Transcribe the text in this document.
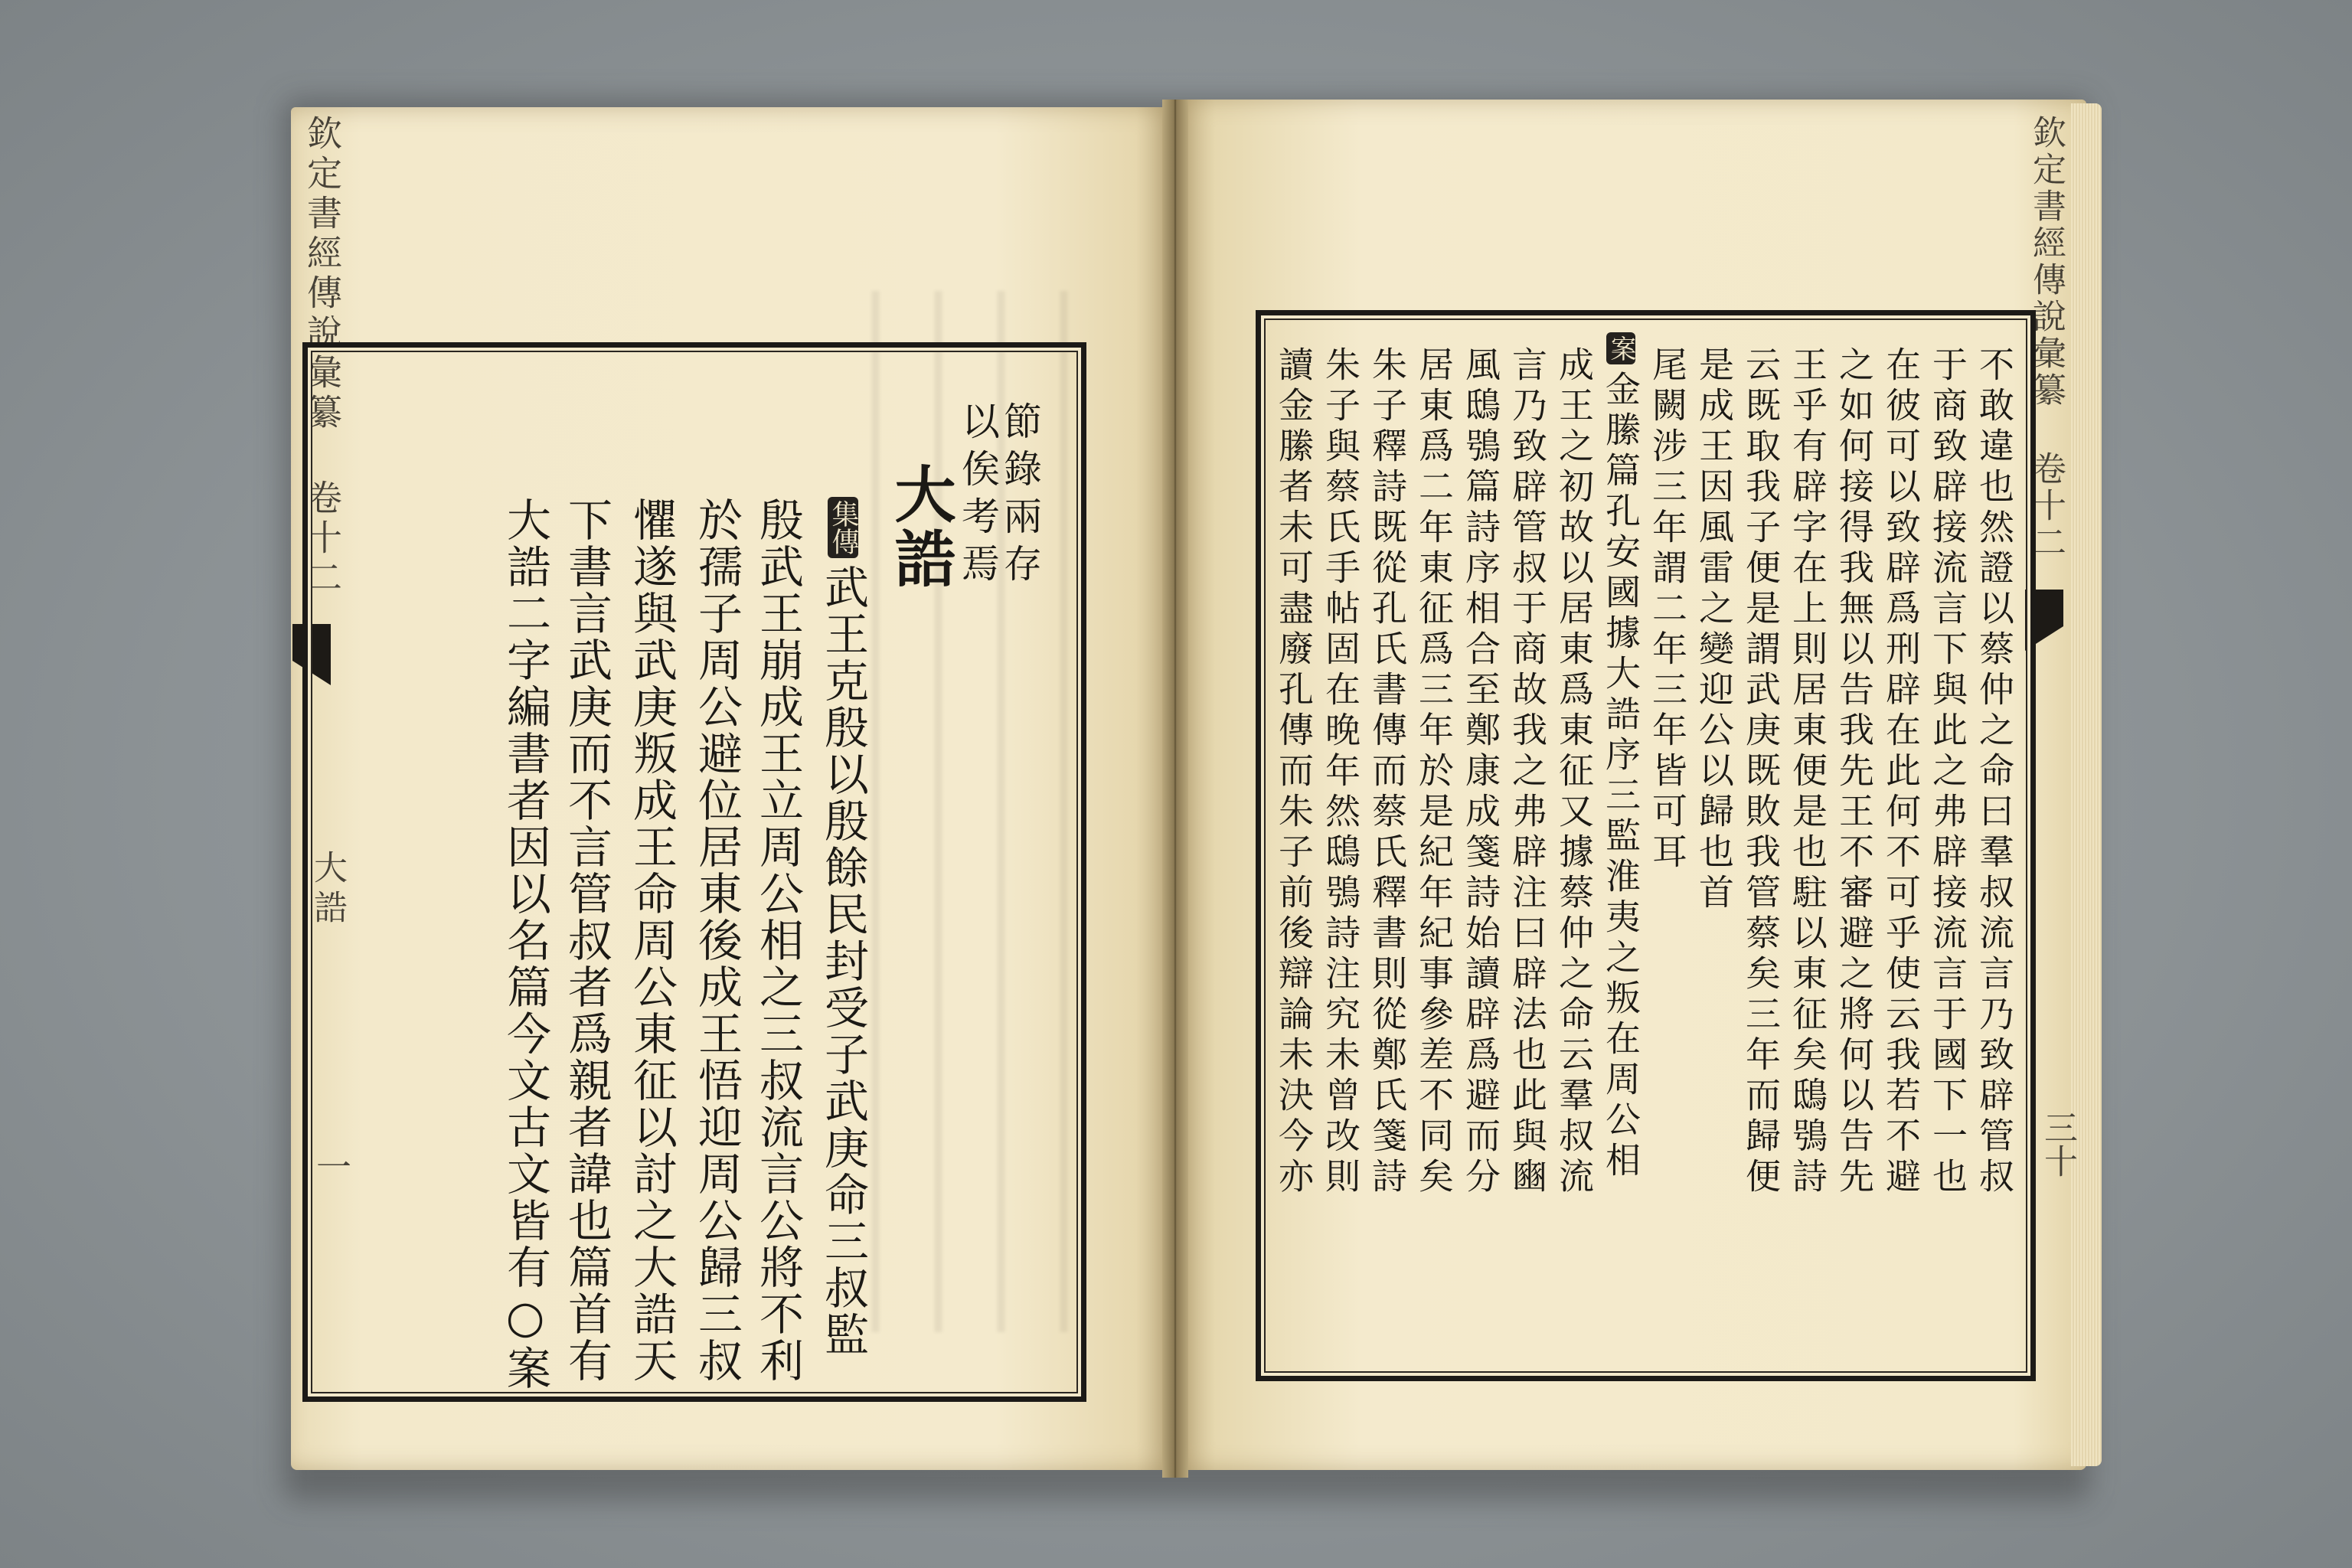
欽定書經傳說彙纂 卷十二
大誥
一
節錄兩存
以俟考焉
大誥
集傳武王克殷以殷餘民封受子武庚命三叔監
殷武王崩成王立周公相之三叔流言公將不利
於孺子周公避位居東後成王悟迎周公歸三叔
懼遂與武庚叛成王命周公東征以討之大誥天
下書言武庚而不言管叔者爲親者諱也篇首有
大誥二字編書者因以名篇今文古文皆有○案
欽定書經傳說彙纂 卷十二
三十
不敢違也然證以蔡仲之命曰羣叔流言乃致辟管叔
于商致辟接流言下與此之弗辟接流言于國下一也
在彼可以致辟爲刑辟在此何不可乎使云我若不避
之如何接得我無以告我先王不審避之將何以告先
王乎有辟字在上則居東便是也駐以東征矣鴟鴞詩
云既取我子便是謂武庚既敗我管蔡矣三年而歸便
是成王因風雷之變迎公以歸也首
尾闕涉三年謂二年三年皆可耳
案金縢篇孔安國據大誥序三監淮夷之叛在周公相
成王之初故以居東爲東征又據蔡仲之命云羣叔流
言乃致辟管叔于商故我之弗辟注曰辟法也此與豳
風鴟鴞篇詩序相合至鄭康成箋詩始讀辟爲避而分
居東爲二年東征爲三年於是紀年紀事參差不同矣
朱子釋詩既從孔氏書傳而蔡氏釋書則從鄭氏箋詩
朱子與蔡氏手帖固在晚年然鴟鴞詩注究未曾改則
讀金縢者未可盡廢孔傳而朱子前後辯論未決今亦
